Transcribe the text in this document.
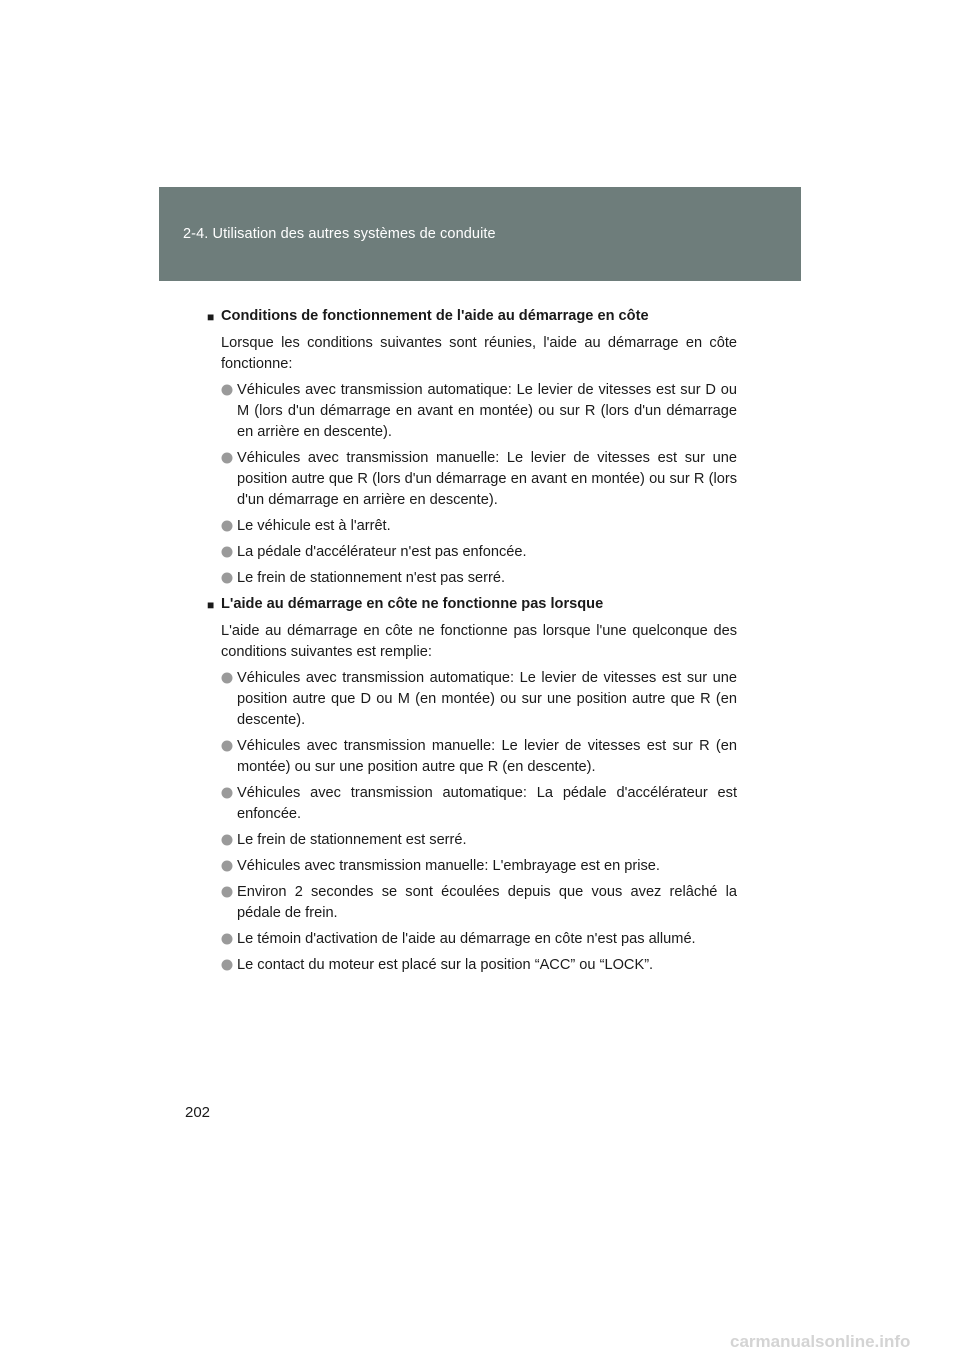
2-4. Utilisation des autres systèmes de conduite
■ Conditions de fonctionnement de l'aide au démarrage en côte
Lorsque les conditions suivantes sont réunies, l'aide au démarrage en côte fonctionne:
Véhicules avec transmission automatique: Le levier de vitesses est sur D ou M (lors d'un démarrage en avant en montée) ou sur R (lors d'un démarrage en arrière en descente).
Véhicules avec transmission manuelle: Le levier de vitesses est sur une position autre que R (lors d'un démarrage en avant en montée) ou sur R (lors d'un démarrage en arrière en descente).
Le véhicule est à l'arrêt.
La pédale d'accélérateur n'est pas enfoncée.
Le frein de stationnement n'est pas serré.
■ L'aide au démarrage en côte ne fonctionne pas lorsque
L'aide au démarrage en côte ne fonctionne pas lorsque l'une quelconque des conditions suivantes est remplie:
Véhicules avec transmission automatique: Le levier de vitesses est sur une position autre que D ou M (en montée) ou sur une position autre que R (en descente).
Véhicules avec transmission manuelle: Le levier de vitesses est sur R (en montée) ou sur une position autre que R (en descente).
Véhicules avec transmission automatique: La pédale d'accélérateur est enfoncée.
Le frein de stationnement est serré.
Véhicules avec transmission manuelle: L'embrayage est en prise.
Environ 2 secondes se sont écoulées depuis que vous avez relâché la pédale de frein.
Le témoin d'activation de l'aide au démarrage en côte n'est pas allumé.
Le contact du moteur est placé sur la position “ACC” ou “LOCK”.
202
carmanualsonline.info
